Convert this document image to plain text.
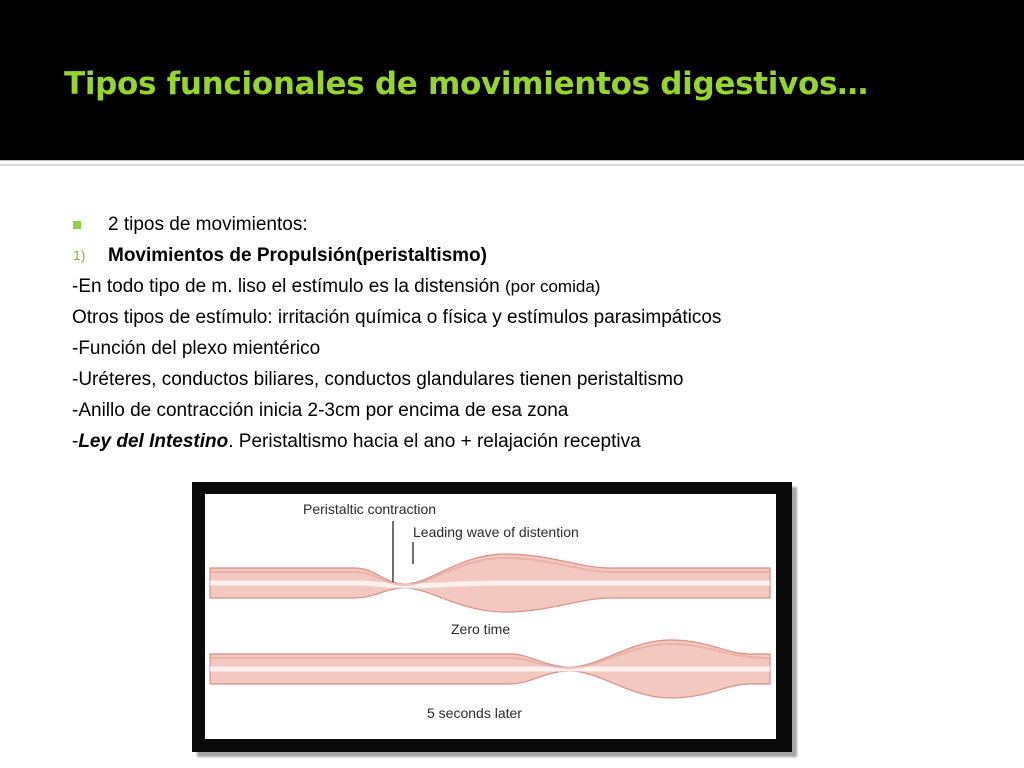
Tipos funcionales de movimientos digestivos…
2 tipos de movimientos:
1) Movimientos de Propulsión(peristaltismo)
-En todo tipo de m. liso el estímulo es la distensión (por comida)
Otros tipos de estímulo: irritación química o física y estímulos parasimpáticos
-Función del plexo mientérico
-Uréteres, conductos biliares, conductos glandulares tienen peristaltismo
-Anillo de contracción inicia 2-3cm por encima de esa zona
-Ley del Intestino. Peristaltismo hacia el ano + relajación receptiva
Peristaltic contraction
Leading wave of distention
Zero time
5 seconds later
